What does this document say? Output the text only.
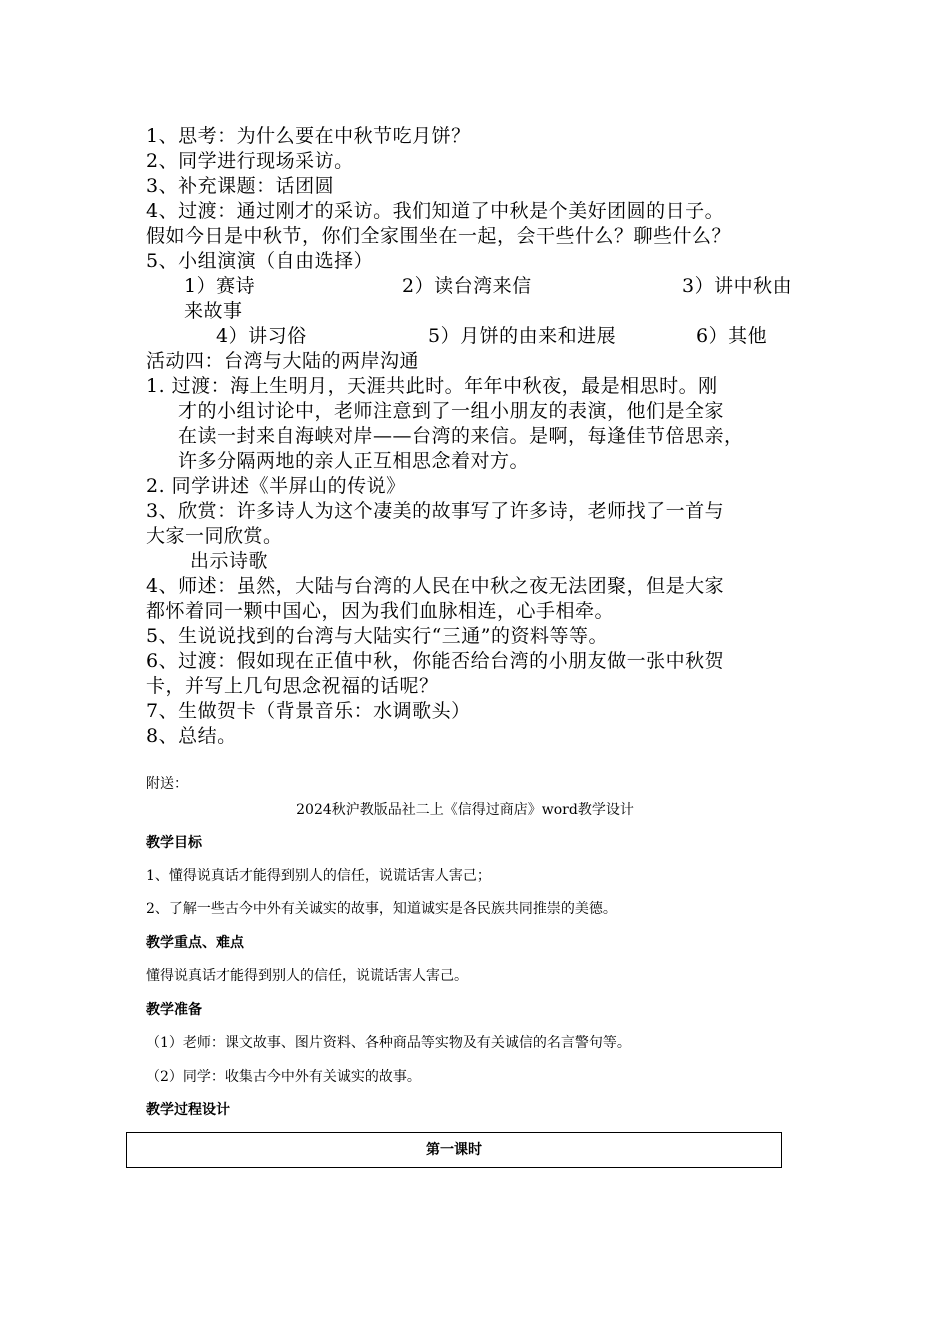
1、思考：为什么要在中秋节吃月饼？
2、同学进行现场采访。
3、补充课题：话团圆
4、过渡：通过刚才的采访。我们知道了中秋是个美好团圆的日子。
假如今日是中秋节，你们全家围坐在一起，会干些什么？聊些什么？
5、小组演演（自由选择）
1）赛诗	2）读台湾来信	3）讲中秋由
来故事
4）讲习俗	5）月饼的由来和进展	6）其他
活动四：台湾与大陆的两岸沟通
1. 过渡：海上生明月，天涯共此时。年年中秋夜，最是相思时。刚
才的小组讨论中，老师注意到了一组小朋友的表演，他们是全家
在读一封来自海峡对岸——台湾的来信。是啊，每逢佳节倍思亲，
许多分隔两地的亲人正互相思念着对方。
2. 同学讲述《半屏山的传说》
3、欣赏：许多诗人为这个凄美的故事写了许多诗，老师找了一首与
大家一同欣赏。
出示诗歌
4、师述：虽然，大陆与台湾的人民在中秋之夜无法团聚，但是大家
都怀着同一颗中国心，因为我们血脉相连，心手相牵。
5、生说说找到的台湾与大陆实行“三通”的资料等等。
6、过渡：假如现在正值中秋，你能否给台湾的小朋友做一张中秋贺
卡，并写上几句思念祝福的话呢？
7、生做贺卡（背景音乐：水调歌头）
8、总结。
附送：
2024秋沪教版品社二上《信得过商店》word教学设计
教学目标
1、懂得说真话才能得到别人的信任，说谎话害人害己；
2、了解一些古今中外有关诚实的故事，知道诚实是各民族共同推崇的美德。
教学重点、难点
懂得说真话才能得到别人的信任，说谎话害人害己。
教学准备
（1）老师：课文故事、图片资料、各种商品等实物及有关诚信的名言警句等。
（2）同学：收集古今中外有关诚实的故事。
教学过程设计
第一课时
